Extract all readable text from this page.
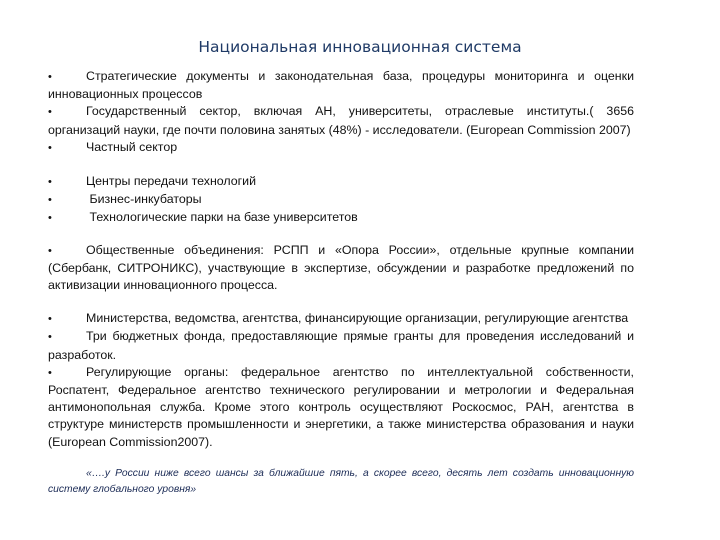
Национальная инновационная система

•	Стратегические документы и законодательная база, процедуры мониторинга и оценки инновационных процессов

•	Государственный сектор, включая АН, университеты, отраслевые институты.( 3656 организаций науки, где почти половина занятых (48%) - исследователи. (European Commission 2007)

•	Частный сектор

•	Центры передачи технологий

•	Бизнес-инкубаторы

•	Технологические парки на базе университетов

•	Общественные объединения: РСПП и «Опора России», отдельные крупные компании (Сбербанк, СИТРОНИКС), участвующие в экспертизе, обсуждении и разработке предложений по активизации инновационного процесса.

•	Министерства, ведомства, агентства, финансирующие организации, регулирующие агентства

•	Три бюджетных фонда, предоставляющие прямые гранты для проведения исследований и разработок.

•	Регулирующие органы: федеральное агентство по интеллектуальной собственности, Роспатент, Федеральное агентство технического регулировании и метрологии и Федеральная антимонопольная служба. Кроме этого контроль осуществляют Роскосмос, РАН, агентства в структуре министерств промышленности и энергетики, а также министерства образования и науки (European Commission2007).

«….у России ниже всего шансы за ближайшие пять, а скорее всего, десять лет создать инновационную систему глобального уровня»
